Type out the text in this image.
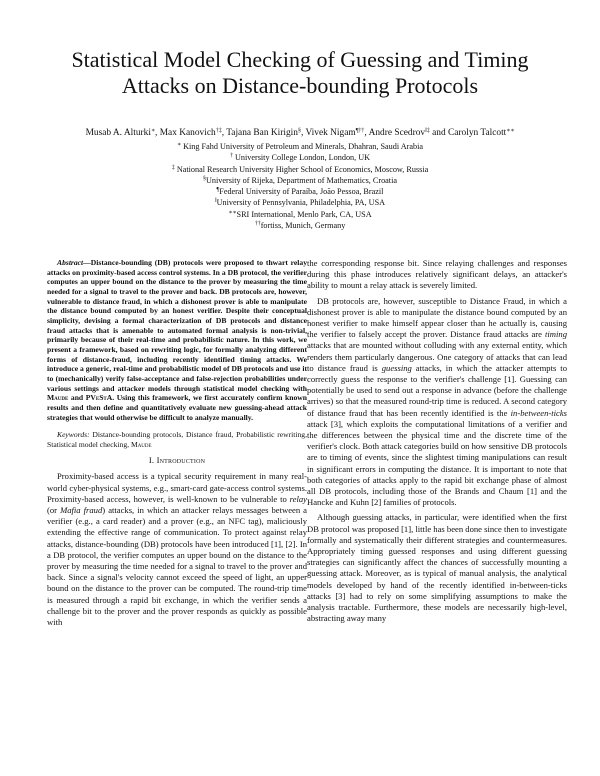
Statistical Model Checking of Guessing and Timing
Attacks on Distance-bounding Protocols
Musab A. Alturki∗, Max Kanovich†‡, Tajana Ban Kirigin§, Vivek Nigam¶††, Andre Scedrov‖‡ and Carolyn Talcott∗∗
∗ King Fahd University of Petroleum and Minerals, Dhahran, Saudi Arabia
† University College London, London, UK
‡ National Research University Higher School of Economics, Moscow, Russia
§University of Rijeka, Department of Mathematics, Croatia
¶Federal University of Paraíba, João Pessoa, Brazil
‖University of Pennsylvania, Philadelphia, PA, USA
∗∗SRI International, Menlo Park, CA, USA
††fortiss, Munich, Germany

Abstract—Distance-bounding (DB) protocols were proposed to thwart relay attacks on proximity-based access control systems. In a DB protocol, the verifier computes an upper bound on the distance to the prover by measuring the time needed for a signal to travel to the prover and back. DB protocols are, however, vulnerable to distance fraud, in which a dishonest prover is able to manipulate the distance bound computed by an honest verifier. Despite their conceptual simplicity, devising a formal characterization of DB protocols and distance fraud attacks that is amenable to automated formal analysis is non-trivial, primarily because of their real-time and probabilistic nature. In this work, we present a framework, based on rewriting logic, for formally analyzing different forms of distance-fraud, including recently identified timing attacks. We introduce a generic, real-time and probabilistic model of DB protocols and use it to (mechanically) verify false-acceptance and false-rejection probabilities under various settings and attacker models through statistical model checking with Maude and PVeStA. Using this framework, we first accurately confirm known results and then define and quantitatively evaluate new guessing-ahead attack strategies that would otherwise be difficult to analyze manually.

Keywords: Distance-bounding protocols, Distance fraud, Probabilistic rewriting, Statistical model checking, Maude

I. Introduction

Proximity-based access is a typical security requirement in many real-world cyber-physical systems, e.g., smart-card gate-access control systems. Proximity-based access, however, is well-known to be vulnerable to relay (or Mafia fraud) attacks, in which an attacker relays messages between a verifier (e.g., a card reader) and a prover (e.g., an NFC tag), maliciously extending the effective range of communication. To protect against relay attacks, distance-bounding (DB) protocols have been introduced [1], [2]. In a DB protocol, the verifier computes an upper bound on the distance to the prover by measuring the time needed for a signal to travel to the prover and back. Since a signal's velocity cannot exceed the speed of light, an upper bound on the distance to the prover can be computed. The round-trip time is measured through a rapid bit exchange, in which the verifier sends a challenge bit to the prover and the prover responds as quickly as possible with

the corresponding response bit. Since relaying challenges and responses during this phase introduces relatively significant delays, an attacker's ability to mount a relay attack is severely limited.

DB protocols are, however, susceptible to Distance Fraud, in which a dishonest prover is able to manipulate the distance bound computed by an honest verifier to make himself appear closer than he actually is, causing the verifier to falsely accept the prover. Distance fraud attacks are timing attacks that are mounted without colluding with any external entity, which renders them particularly dangerous. One category of attacks that can lead to distance fraud is guessing attacks, in which the attacker attempts to correctly guess the response to the verifier's challenge [1]. Guessing can potentially be used to send out a response in advance (before the challenge arrives) so that the measured round-trip time is reduced. A second category of distance fraud that has been recently identified is the in-between-ticks attack [3], which exploits the computational limitations of a verifier and the differences between the physical time and the discrete time of the verifier's clock. Both attack categories build on how sensitive DB protocols are to timing of events, since the slightest timing manipulations can result in significant errors in computing the distance. It is important to note that both categories of attacks apply to the rapid bit exchange phase of almost all DB protocols, including those of the Brands and Chaum [1] and the Hancke and Kuhn [2] families of protocols.

Although guessing attacks, in particular, were identified when the first DB protocol was proposed [1], little has been done since then to investigate formally and systematically their different strategies and countermeasures. Appropriately timing guessed responses and using different guessing strategies can significantly affect the chances of successfully mounting a guessing attack. Moreover, as is typical of manual analysis, the analytical models developed by hand of the recently identified in-between-ticks attacks [3] had to rely on some simplifying assumptions to make the analysis tractable. Furthermore, these models are necessarily high-level, abstracting away many
